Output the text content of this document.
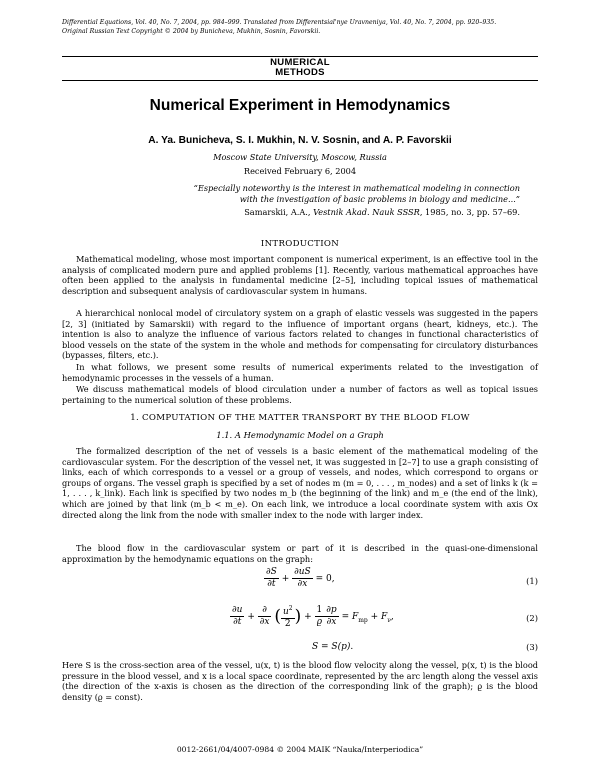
Differential Equations, Vol. 40, No. 7, 2004, pp. 984–999. Translated from Differentsial'nye Uravneniya, Vol. 40, No. 7, 2004, pp. 920–935.
Original Russian Text Copyright © 2004 by Bunicheva, Mukhin, Sosnin, Favorskii.
NUMERICAL
METHODS
Numerical Experiment in Hemodynamics
A. Ya. Bunicheva, S. I. Mukhin, N. V. Sosnin, and A. P. Favorskii
Moscow State University, Moscow, Russia
Received February 6, 2004
“Especially noteworthy is the interest in mathematical modeling in connection
with the investigation of basic problems in biology and medicine...”
Samarskii, A.A., Vestnik Akad. Nauk SSSR, 1985, no. 3, pp. 57–69.
INTRODUCTION

Mathematical modeling, whose most important component is numerical experiment, is an effective tool in the analysis of complicated modern pure and applied problems [1]. Recently, various mathematical approaches have often been applied to the analysis in fundamental medicine [2–5], including topical issues of mathematical description and subsequent analysis of cardiovascular system in humans.

A hierarchical nonlocal model of circulatory system on a graph of elastic vessels was suggested in the papers [2, 3] (initiated by Samarskii) with regard to the influence of important organs (heart, kidneys, etc.). The intention is also to analyze the influence of various factors related to changes in functional characteristics of blood vessels on the state of the system in the whole and methods for compensating for circulatory disturbances (bypasses, filters, etc.).

In what follows, we present some results of numerical experiments related to the investigation of hemodynamic processes in the vessels of a human.

We discuss mathematical models of blood circulation under a number of factors as well as topical issues pertaining to the numerical solution of these problems.

1. COMPUTATION OF THE MATTER TRANSPORT BY THE BLOOD FLOW
1.1. A Hemodynamic Model on a Graph

The formalized description of the net of vessels is a basic element of the mathematical modeling of the cardiovascular system. For the description of the vessel net, it was suggested in [2–7] to use a graph consisting of links, each of which corresponds to a vessel or a group of vessels, and nodes, which correspond to organs or groups of organs. The vessel graph is specified by a set of nodes m (m = 0, . . . , m_nodes) and a set of links k (k = 1, . . . , k_link). Each link is specified by two nodes m_b (the beginning of the link) and m_e (the end of the link), which are joined by that link (m_b < m_e). On each link, we introduce a local coordinate system with axis Ox directed along the link from the node with smaller index to the node with larger index.

The blood flow in the cardiovascular system or part of it is described in the quasi-one-dimensional approximation by the hemodynamic equations on the graph:

$\frac{\partial S}{\partial t} + \frac{\partial uS}{\partial x} = 0$,	(1)
$\frac{\partial u}{\partial t} + \frac{\partial}{\partial x}$ ( $\frac{u^2}{2}$ ) + $\frac{1}{ϱ} \frac{\partial p}{\partial x} = F_{mp} + F_\nu$,	(2)
S = S(p).	(3)

Here S is the cross-section area of the vessel, u(x, t) is the blood flow velocity along the vessel, p(x, t) is the blood pressure in the blood vessel, and x is a local space coordinate, represented by the arc length along the vessel axis (the direction of the x-axis is chosen as the direction of the corresponding link of the graph); ϱ is the blood density (ϱ = const).

0012-2661/04/4007-0984 © 2004 MAIK “Nauka/Interperiodica”
